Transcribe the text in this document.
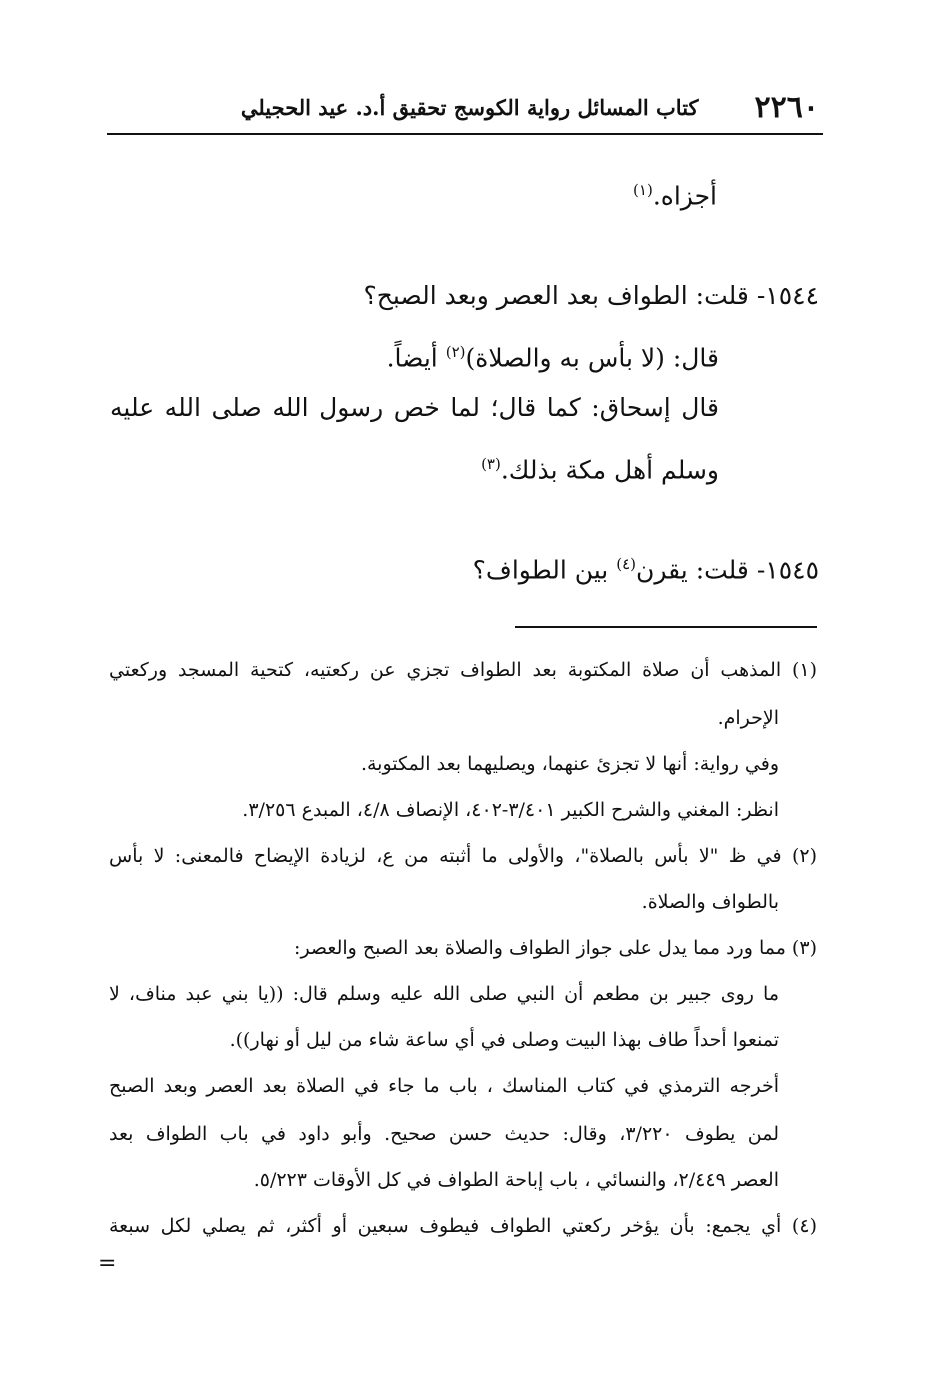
٢٢٦٠
كتاب المسائل رواية الكوسج تحقيق أ.د. عيد الحجيلي
أجزاه.$^{(١)}$
١٥٤٤- قلت: الطواف بعد العصر وبعد الصبح؟
قال: (لا بأس به والصلاة)$^{(٢)}$ أيضاً.
قال إسحاق: كما قال؛ لما خص رسول الله صلى الله عليه
وسلم أهل مكة بذلك.$^{(٣)}$
١٥٤٥- قلت: يقرن$^{(٤)}$ بين الطواف؟
(١) المذهب أن صلاة المكتوبة بعد الطواف تجزي عن ركعتيه، كتحية المسجد وركعتي
الإحرام.
وفي رواية: أنها لا تجزئ عنهما، ويصليهما بعد المكتوبة.
انظر: المغني والشرح الكبير ٣/٤٠١-٤٠٢، الإنصاف ٤/٨، المبدع ٣/٢٥٦.
(٢) في ظ "لا بأس بالصلاة"، والأولى ما أثبته من ع، لزيادة الإيضاح فالمعنى: لا بأس
بالطواف والصلاة.
(٣) مما ورد مما يدل على جواز الطواف والصلاة بعد الصبح والعصر:
ما روى جبير بن مطعم أن النبي صلى الله عليه وسلم قال: ((يا بني عبد مناف، لا
تمنعوا أحداً طاف بهذا البيت وصلى في أي ساعة شاء من ليل أو نهار)).
أخرجه الترمذي في كتاب المناسك ، باب ما جاء في الصلاة بعد العصر وبعد الصبح
لمن يطوف ٣/٢٢٠، وقال: حديث حسن صحيح. وأبو داود في باب الطواف بعد
العصر ٢/٤٤٩، والنسائي ، باب إباحة الطواف في كل الأوقات ٥/٢٢٣.
(٤) أي يجمع: بأن يؤخر ركعتي الطواف فيطوف سبعين أو أكثر، ثم يصلي لكل سبعة
=
